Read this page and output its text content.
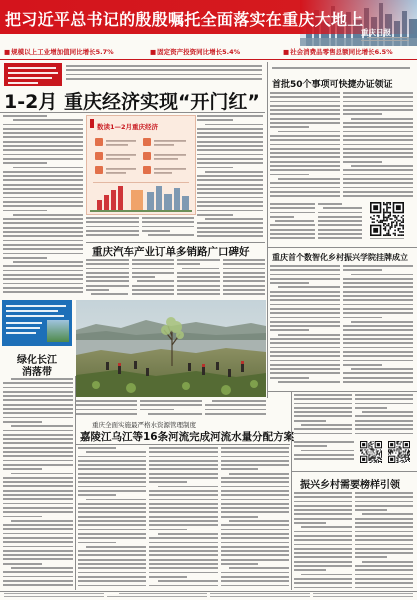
把习近平总书记的殷殷嘱托全面落实在重庆大地上
重庆日报
■规模以上工业增加值同比增长5.7%	■固定资产投资同比增长5.4%	■社会消费品零售总额同比增长6.5%
1-2月 重庆经济实现“开门红”
数读1—2月重庆经济
重庆汽车产业订单多销路广口碑好
首批50个事项可快捷办证领证
重庆首个数智化乡村振兴学院挂牌成立
绿化长江
消落带
重庆全面实施最严格水资源管理制度
嘉陵江乌江等16条河流完成河流水量分配方案
振兴乡村需要榜样引领
